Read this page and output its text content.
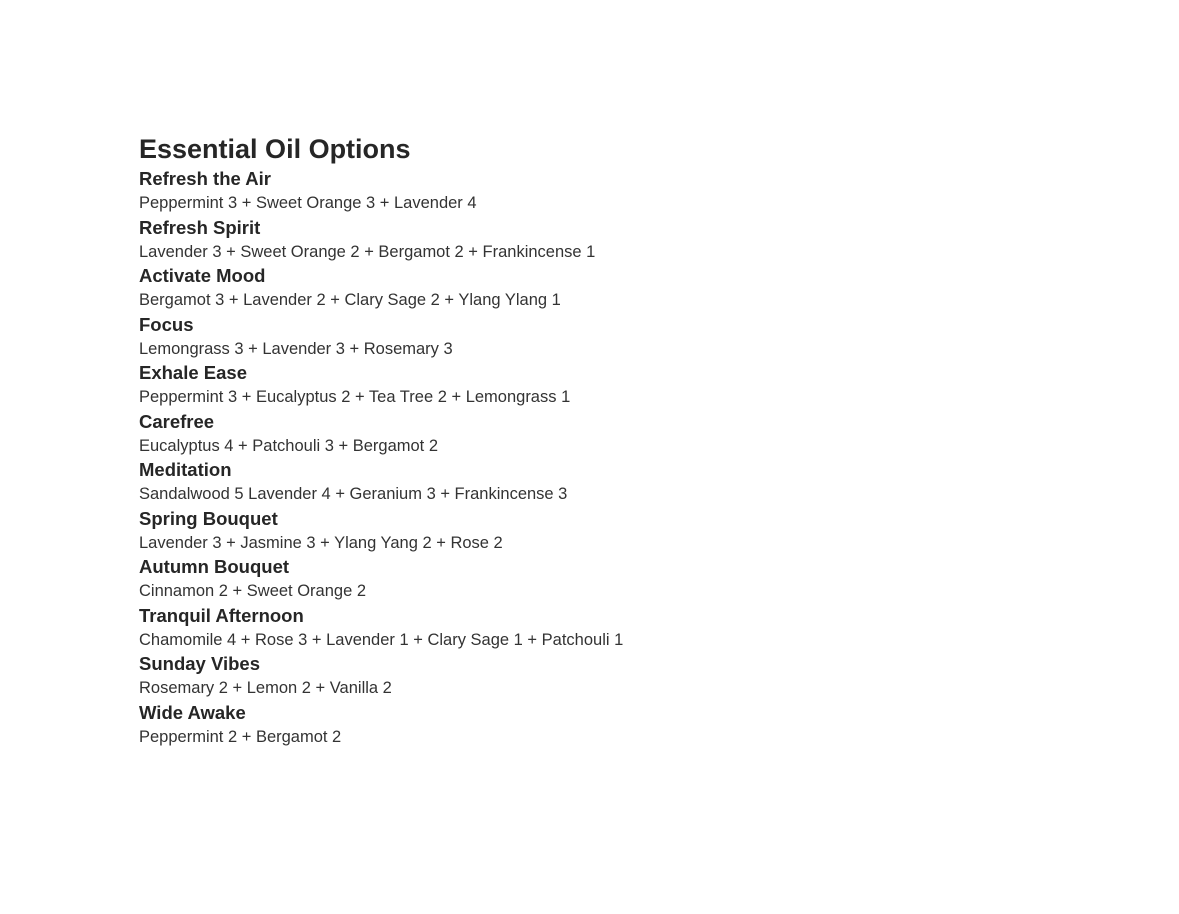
Essential Oil Options
Refresh the Air
Peppermint 3 + Sweet Orange 3 + Lavender 4
Refresh Spirit
Lavender 3 + Sweet Orange 2 + Bergamot 2 + Frankincense 1
Activate Mood
Bergamot 3 + Lavender 2 + Clary Sage 2 + Ylang Ylang 1
Focus
Lemongrass 3 + Lavender 3 + Rosemary 3
Exhale Ease
Peppermint 3 + Eucalyptus 2 + Tea Tree 2 + Lemongrass 1
Carefree
Eucalyptus 4 + Patchouli 3 + Bergamot 2
Meditation
Sandalwood 5 Lavender 4 + Geranium 3 + Frankincense 3
Spring Bouquet
Lavender 3 + Jasmine 3 + Ylang Yang 2 + Rose 2
Autumn Bouquet
Cinnamon 2 + Sweet Orange 2
Tranquil Afternoon
Chamomile 4 + Rose 3 + Lavender 1 + Clary Sage 1 + Patchouli 1
Sunday Vibes
Rosemary 2 + Lemon 2 + Vanilla 2
Wide Awake
Peppermint 2 + Bergamot 2
